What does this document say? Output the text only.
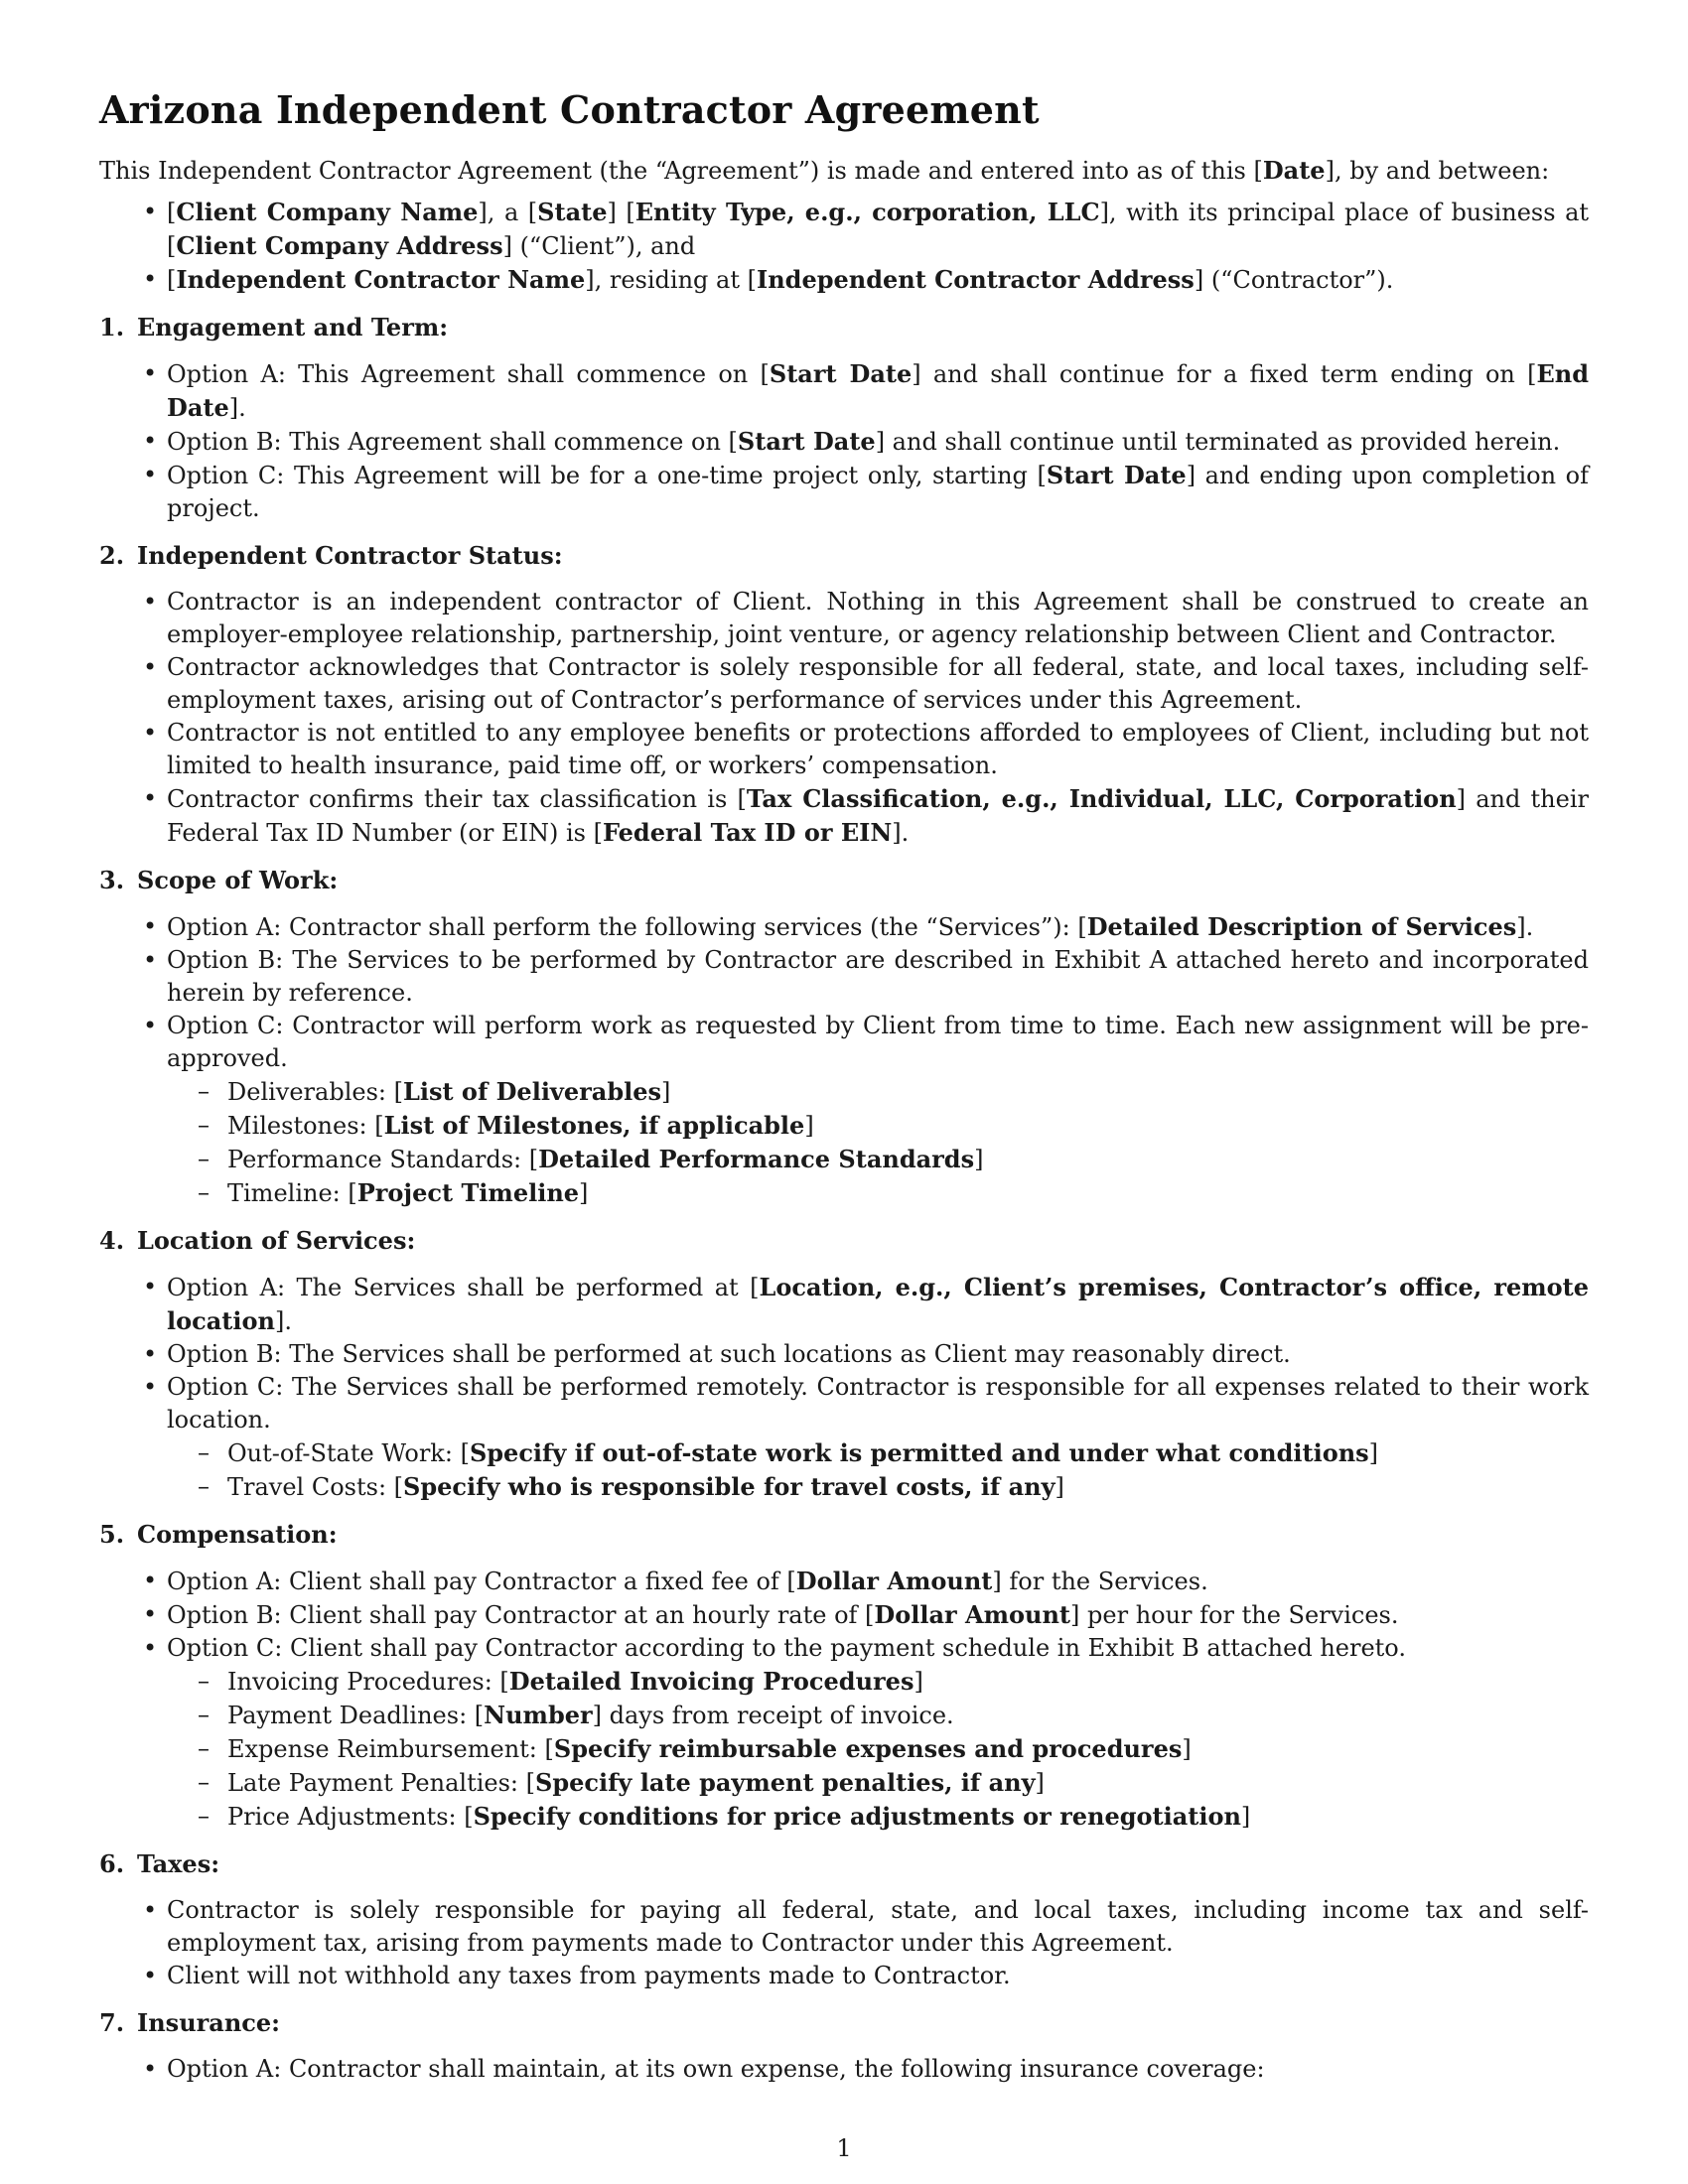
Arizona Independent Contractor Agreement

This Independent Contractor Agreement (the “Agreement”) is made and entered into as of this [Date], by and between:

• [Client Company Name], a [State] [Entity Type, e.g., corporation, LLC], with its principal place of business at [Client Company Address] (“Client”), and
• [Independent Contractor Name], residing at [Independent Contractor Address] (“Contractor”).
1. Engagement and Term:
• Option A: This Agreement shall commence on [Start Date] and shall continue for a fixed term ending on [End Date].
• Option B: This Agreement shall commence on [Start Date] and shall continue until terminated as provided herein.
• Option C: This Agreement will be for a one-time project only, starting [Start Date] and ending upon completion of project.
2. Independent Contractor Status:
• Contractor is an independent contractor of Client. Nothing in this Agreement shall be construed to create an employer-employee relationship, partnership, joint venture, or agency relationship between Client and Contractor.
• Contractor acknowledges that Contractor is solely responsible for all federal, state, and local taxes, including self-employment taxes, arising out of Contractor’s performance of services under this Agreement.
• Contractor is not entitled to any employee benefits or protections afforded to employees of Client, including but not limited to health insurance, paid time off, or workers’ compensation.
• Contractor confirms their tax classification is [Tax Classification, e.g., Individual, LLC, Corporation] and their Federal Tax ID Number (or EIN) is [Federal Tax ID or EIN].
3. Scope of Work:
• Option A: Contractor shall perform the following services (the “Services”): [Detailed Description of Services].
• Option B: The Services to be performed by Contractor are described in Exhibit A attached hereto and incorporated herein by reference.
• Option C: Contractor will perform work as requested by Client from time to time. Each new assignment will be pre-approved.
– Deliverables: [List of Deliverables]
– Milestones: [List of Milestones, if applicable]
– Performance Standards: [Detailed Performance Standards]
– Timeline: [Project Timeline]
4. Location of Services:
• Option A: The Services shall be performed at [Location, e.g., Client’s premises, Contractor’s office, remote location].
• Option B: The Services shall be performed at such locations as Client may reasonably direct.
• Option C: The Services shall be performed remotely. Contractor is responsible for all expenses related to their work location.
– Out-of-State Work: [Specify if out-of-state work is permitted and under what conditions]
– Travel Costs: [Specify who is responsible for travel costs, if any]
5. Compensation:
• Option A: Client shall pay Contractor a fixed fee of [Dollar Amount] for the Services.
• Option B: Client shall pay Contractor at an hourly rate of [Dollar Amount] per hour for the Services.
• Option C: Client shall pay Contractor according to the payment schedule in Exhibit B attached hereto.
– Invoicing Procedures: [Detailed Invoicing Procedures]
– Payment Deadlines: [Number] days from receipt of invoice.
– Expense Reimbursement: [Specify reimbursable expenses and procedures]
– Late Payment Penalties: [Specify late payment penalties, if any]
– Price Adjustments: [Specify conditions for price adjustments or renegotiation]
6. Taxes:
• Contractor is solely responsible for paying all federal, state, and local taxes, including income tax and self-employment tax, arising from payments made to Contractor under this Agreement.
• Client will not withhold any taxes from payments made to Contractor.
7. Insurance:
• Option A: Contractor shall maintain, at its own expense, the following insurance coverage:
1
